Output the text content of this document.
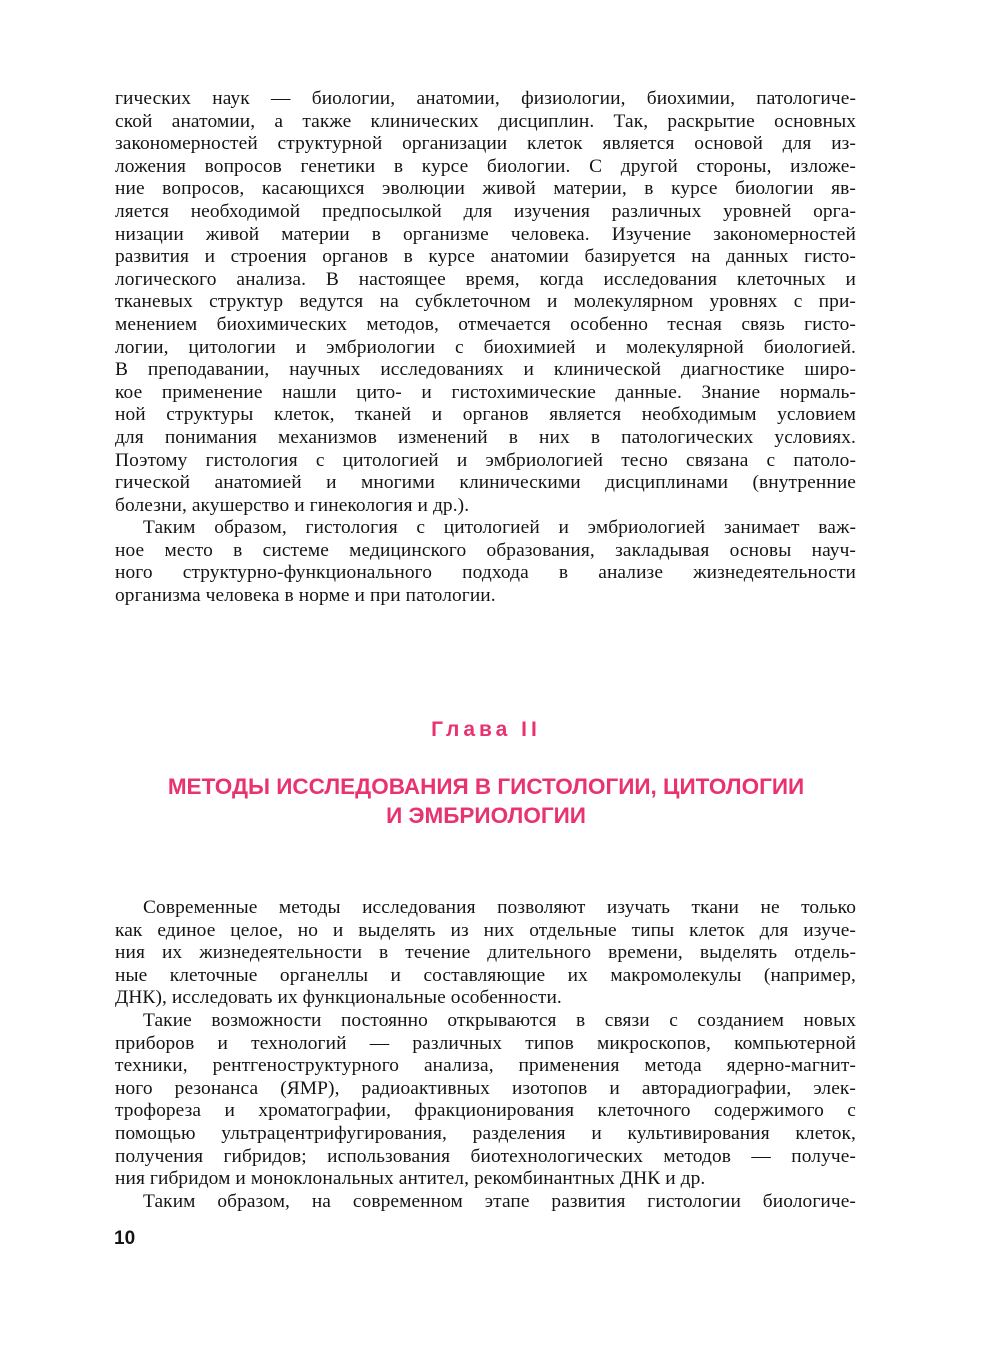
гических наук — биологии, анатомии, физиологии, биохимии, патологиче-
ской анатомии, а также клинических дисциплин. Так, раскрытие основных
закономерностей структурной организации клеток является основой для из-
ложения вопросов генетики в курсе биологии. С другой стороны, изложе-
ние вопросов, касающихся эволюции живой материи, в курсе биологии яв-
ляется необходимой предпосылкой для изучения различных уровней орга-
низации живой материи в организме человека. Изучение закономерностей
развития и строения органов в курсе анатомии базируется на данных гисто-
логического анализа. В настоящее время, когда исследования клеточных и
тканевых структур ведутся на субклеточном и молекулярном уровнях с при-
менением биохимических методов, отмечается особенно тесная связь гисто-
логии, цитологии и эмбриологии с биохимией и молекулярной биологией.
В преподавании, научных исследованиях и клинической диагностике широ-
кое применение нашли цито- и гистохимические данные. Знание нормаль-
ной структуры клеток, тканей и органов является необходимым условием
для понимания механизмов изменений в них в патологических условиях.
Поэтому гистология с цитологией и эмбриологией тесно связана с патоло-
гической анатомией и многими клиническими дисциплинами (внутренние
болезни, акушерство и гинекология и др.).
Таким образом, гистология с цитологией и эмбриологией занимает важ-
ное место в системе медицинского образования, закладывая основы науч-
ного структурно-функционального подхода в анализе жизнедеятельности
организма человека в норме и при патологии.
Глава II
МЕТОДЫ ИССЛЕДОВАНИЯ В ГИСТОЛОГИИ, ЦИТОЛОГИИ
И ЭМБРИОЛОГИИ
Современные методы исследования позволяют изучать ткани не только
как единое целое, но и выделять из них отдельные типы клеток для изуче-
ния их жизнедеятельности в течение длительного времени, выделять отдель-
ные клеточные органеллы и составляющие их макромолекулы (например,
ДНК), исследовать их функциональные особенности.
Такие возможности постоянно открываются в связи с созданием новых
приборов и технологий — различных типов микроскопов, компьютерной
техники, рентгеноструктурного анализа, применения метода ядерно-магнит-
ного резонанса (ЯМР), радиоактивных изотопов и авторадиографии, элек-
трофореза и хроматографии, фракционирования клеточного содержимого с
помощью ультрацентрифугирования, разделения и культивирования клеток,
получения гибридов; использования биотехнологических методов — получе-
ния гибридом и моноклональных антител, рекомбинантных ДНК и др.
Таким образом, на современном этапе развития гистологии биологиче-
10
